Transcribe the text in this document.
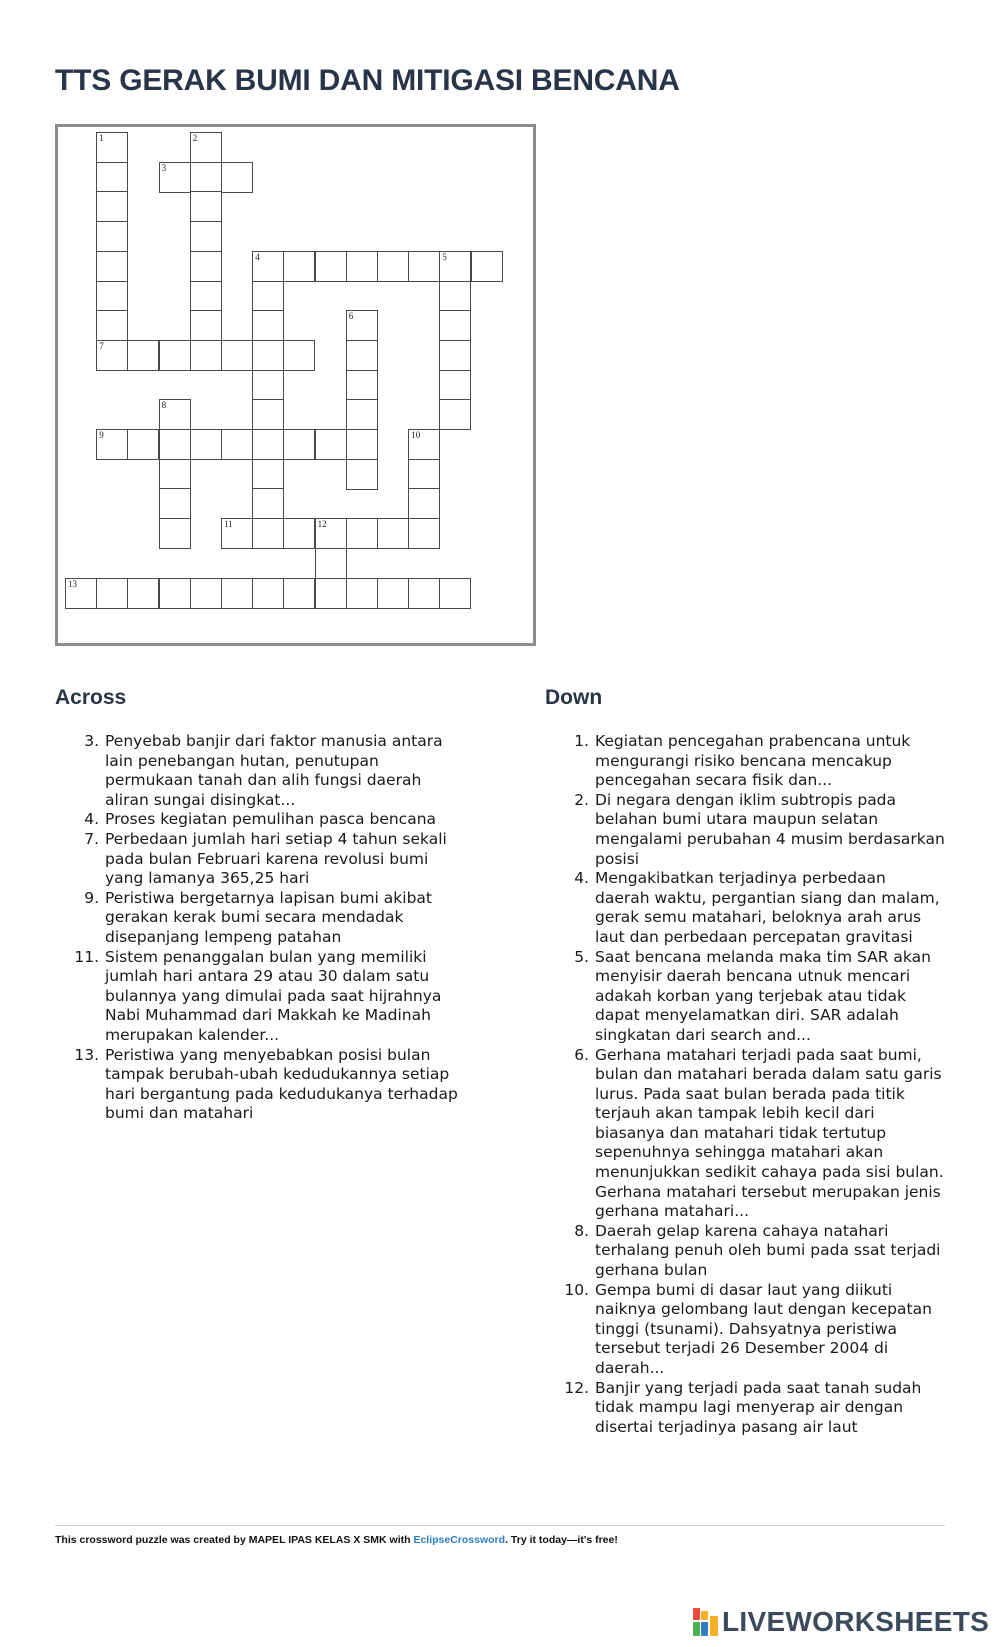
TTS GERAK BUMI DAN MITIGASI BENCANA
1	2
3
4	5
6
7
8
9	10
11	12
13
Across
3. Penyebab banjir dari faktor manusia antara lain penebangan hutan, penutupan permukaan tanah dan alih fungsi daerah aliran sungai disingkat...
4. Proses kegiatan pemulihan pasca bencana
7. Perbedaan jumlah hari setiap 4 tahun sekali pada bulan Februari karena revolusi bumi yang lamanya 365,25 hari
9. Peristiwa bergetarnya lapisan bumi akibat gerakan kerak bumi secara mendadak disepanjang lempeng patahan
11. Sistem penanggalan bulan yang memiliki jumlah hari antara 29 atau 30 dalam satu bulannya yang dimulai pada saat hijrahnya Nabi Muhammad dari Makkah ke Madinah merupakan kalender...
13. Peristiwa yang menyebabkan posisi bulan tampak berubah-ubah kedudukannya setiap hari bergantung pada kedudukanya terhadap bumi dan matahari
Down
1. Kegiatan pencegahan prabencana untuk mengurangi risiko bencana mencakup pencegahan secara fisik dan...
2. Di negara dengan iklim subtropis pada belahan bumi utara maupun selatan mengalami perubahan 4 musim berdasarkan posisi
4. Mengakibatkan terjadinya perbedaan daerah waktu, pergantian siang dan malam, gerak semu matahari, beloknya arah arus laut dan perbedaan percepatan gravitasi
5. Saat bencana melanda maka tim SAR akan menyisir daerah bencana utnuk mencari adakah korban yang terjebak atau tidak dapat menyelamatkan diri. SAR adalah singkatan dari search and...
6. Gerhana matahari terjadi pada saat bumi, bulan dan matahari berada dalam satu garis lurus. Pada saat bulan berada pada titik terjauh akan tampak lebih kecil dari biasanya dan matahari tidak tertutup sepenuhnya sehingga matahari akan menunjukkan sedikit cahaya pada sisi bulan. Gerhana matahari tersebut merupakan jenis gerhana matahari...
8. Daerah gelap karena cahaya natahari terhalang penuh oleh bumi pada ssat terjadi gerhana bulan
10. Gempa bumi di dasar laut yang diikuti naiknya gelombang laut dengan kecepatan tinggi (tsunami). Dahsyatnya peristiwa tersebut terjadi 26 Desember 2004 di daerah...
12. Banjir yang terjadi pada saat tanah sudah tidak mampu lagi menyerap air dengan disertai terjadinya pasang air laut
This crossword puzzle was created by MAPEL IPAS KELAS X SMK with EclipseCrossword. Try it today—it's free!
LIVEWORKSHEETS
